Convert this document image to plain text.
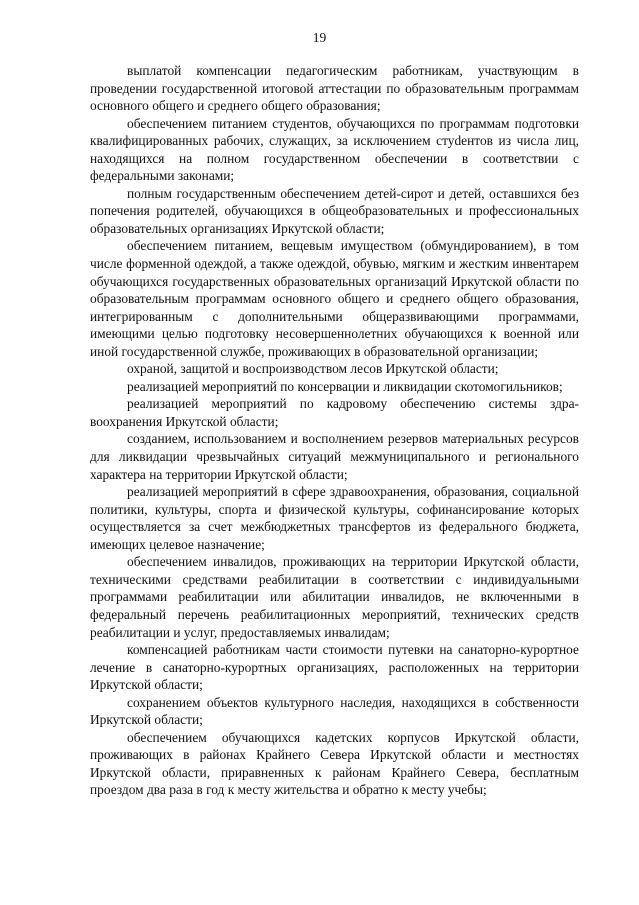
19

выплатой компенсации педагогическим работникам, участвующим в проведении государственной итоговой аттестации по образовательным программам основного общего и среднего общего образования;

обеспечением питанием студентов, обучающихся по программам подготовки квалифицированных рабочих, служащих, за исключением стуdентов из числа лиц, находящихся на полном государственном обеспечении в соответствии с федеральными законами;

полным государственным обеспечением детей-сирот и детей, оставшихся без попечения родителей, обучающихся в общеобразовательных и профессиональных образовательных организациях Иркутской области;

обеспечением питанием, вещевым имуществом (обмундированием), в том числе форменной одеждой, а также одеждой, обувью, мягким и жестким инвентарем обучающихся государственных образовательных организаций Иркутской области по образовательным программам основного общего и среднего общего образования, интегрированным с дополнительными общеразвивающими программами, имеющими целью подготовку несовершеннолетних обучающихся к военной или иной государственной службе, проживающих в образовательной организации;

охраной, защитой и воспроизводством лесов Иркутской области;

реализацией мероприятий по консервации и ликвидации скотомогильников;

реализацией мероприятий по кадровому обеспечению системы здравоохранения Иркутской области;

созданием, использованием и восполнением резервов материальных ресурсов для ликвидации чрезвычайных ситуаций межмуниципального и регионального характера на территории Иркутской области;

реализацией мероприятий в сфере здравоохранения, образования, социальной политики, культуры, спорта и физической культуры, софинансирование которых осуществляется за счет межбюджетных трансфертов из федерального бюджета, имеющих целевое назначение;

обеспечением инвалидов, проживающих на территории Иркутской области, техническими средствами реабилитации в соответствии с индивидуальными программами реабилитации или абилитации инвалидов, не включенными в федеральный перечень реабилитационных мероприятий, технических средств реабилитации и услуг, предоставляемых инвалидам;

компенсацией работникам части стоимости путевки на санаторно-курортное лечение в санаторно-курортных организациях, расположенных на территории Иркутской области;

сохранением объектов культурного наследия, находящихся в собственности Иркутской области;

обеспечением обучающихся кадетских корпусов Иркутской области, проживающих в районах Крайнего Севера Иркутской области и местностях Иркутской области, приравненных к районам Крайнего Севера, бесплатным проездом два раза в год к месту жительства и обратно к месту учебы;
